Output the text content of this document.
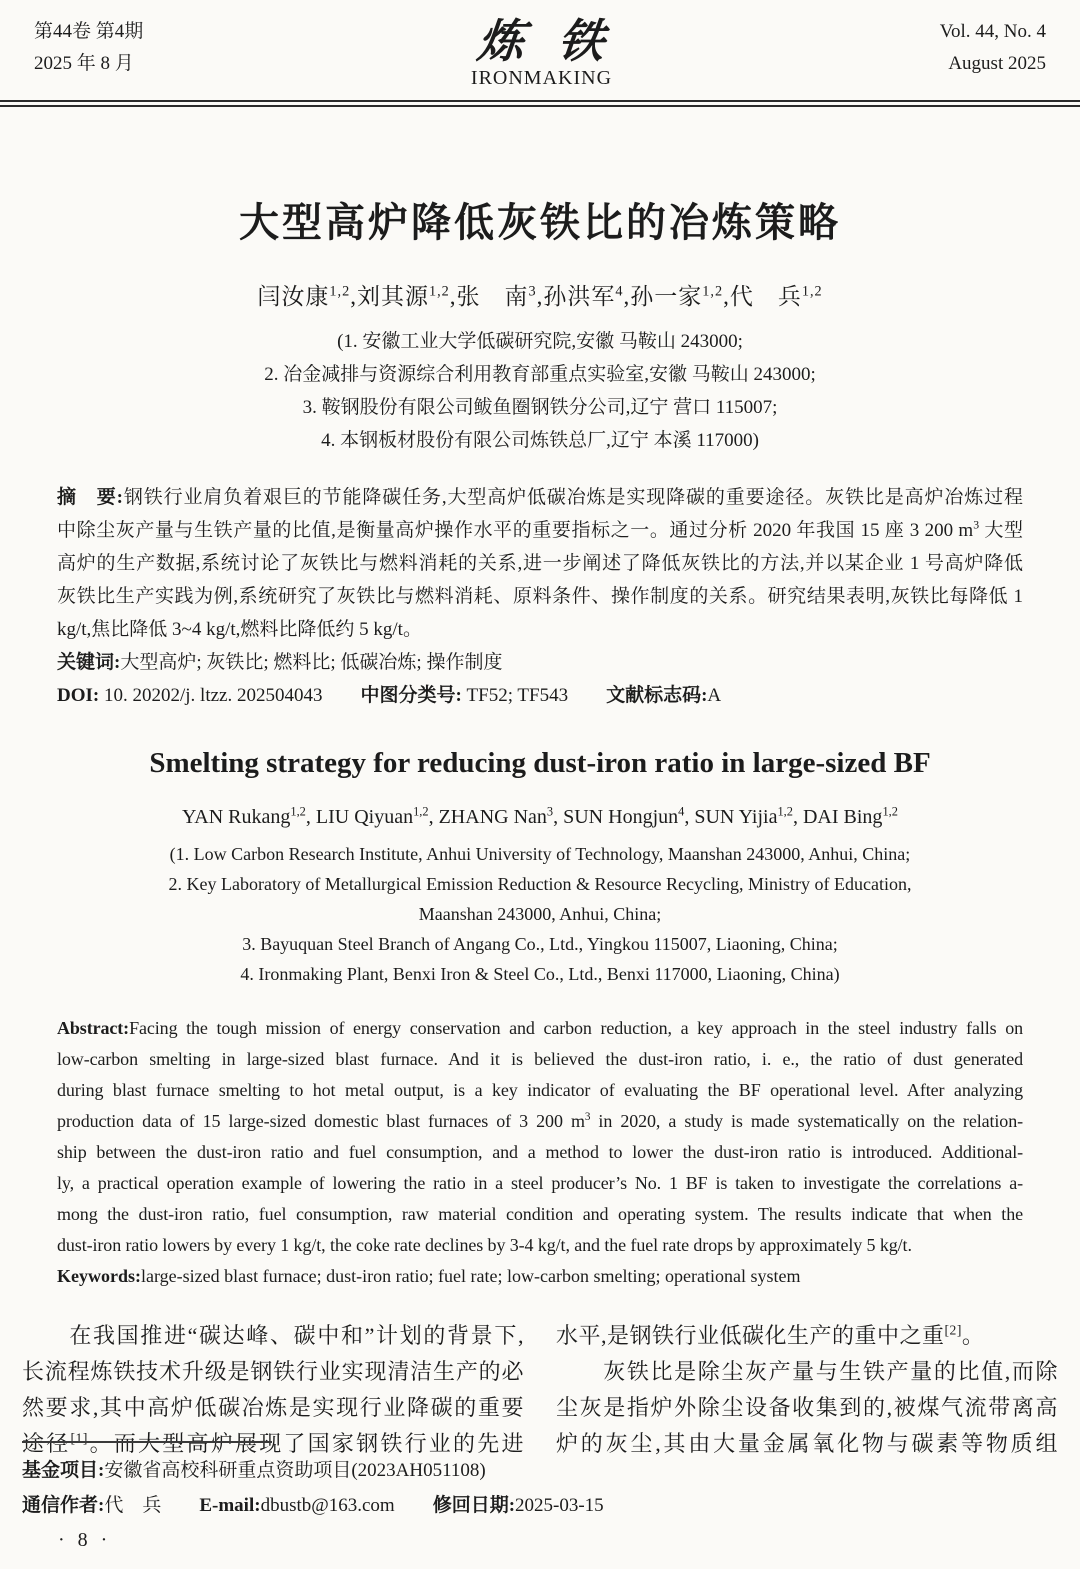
第44卷 第4期
2025 年 8 月	炼铁
IRONMAKING
Vol. 44, No. 4
August 2025
大型高炉降低灰铁比的冶炼策略
闫汝康$^{1,2}$,刘其源$^{1,2}$,张　南$^3$,孙洪军$^4$,孙一家$^{1,2}$,代　兵$^{1,2}$
(1. 安徽工业大学低碳研究院,安徽 马鞍山 243000;
2. 冶金减排与资源综合利用教育部重点实验室,安徽 马鞍山 243000;
3. 鞍钢股份有限公司鲅鱼圈钢铁分公司,辽宁 营口 115007;
4. 本钢板材股份有限公司炼铁总厂,辽宁 本溪 117000)
摘　要:钢铁行业肩负着艰巨的节能降碳任务,大型高炉低碳冶炼是实现降碳的重要途径。灰铁比是高炉冶炼过程
中除尘灰产量与生铁产量的比值,是衡量高炉操作水平的重要指标之一。通过分析 2020 年我国 15 座 3 200 $m^3$ 大型
高炉的生产数据,系统讨论了灰铁比与燃料消耗的关系,进一步阐述了降低灰铁比的方法,并以某企业 1 号高炉降低
灰铁比生产实践为例,系统研究了灰铁比与燃料消耗、原料条件、操作制度的关系。研究结果表明,灰铁比每降低 1
kg/t,焦比降低 3~4 kg/t,燃料比降低约 5 kg/t。
关键词:大型高炉; 灰铁比; 燃料比; 低碳冶炼; 操作制度
DOI: 10. 20202/j. ltzz. 202504043　　中图分类号: TF52; TF543　　文献标志码:A
Smelting strategy for reducing dust-iron ratio in large-sized BF
YAN Rukang$^{1,2}$, LIU Qiyuan$^{1,2}$, ZHANG Nan$^3$, SUN Hongjun$^4$, SUN Yijia$^{1,2}$, DAI Bing$^{1,2}$
(1. Low Carbon Research Institute, Anhui University of Technology, Maanshan 243000, Anhui, China;
2. Key Laboratory of Metallurgical Emission Reduction & Resource Recycling, Ministry of Education,
Maanshan 243000, Anhui, China;
3. Bayuquan Steel Branch of Angang Co., Ltd., Yingkou 115007, Liaoning, China;
4. Ironmaking Plant, Benxi Iron & Steel Co., Ltd., Benxi 117000, Liaoning, China)
Abstract:Facing the tough mission of energy conservation and carbon reduction, a key approach in the steel industry falls on
low-carbon smelting in large-sized blast furnace. And it is believed the dust-iron ratio, i. e., the ratio of dust generated
during blast furnace smelting to hot metal output, is a key indicator of evaluating the BF operational level. After analyzing
production data of 15 large-sized domestic blast furnaces of 3 200 $m^3$ in 2020, a study is made systematically on the relation-
ship between the dust-iron ratio and fuel consumption, and a method to lower the dust-iron ratio is introduced. Additional-
ly, a practical operation example of lowering the ratio in a steel producer’s No. 1 BF is taken to investigate the correlations a-
mong the dust-iron ratio, fuel consumption, raw material condition and operating system. The results indicate that when the
dust-iron ratio lowers by every 1 kg/t, the coke rate declines by 3-4 kg/t, and the fuel rate drops by approximately 5 kg/t.
Keywords:large-sized blast furnace; dust-iron ratio; fuel rate; low-carbon smelting; operational system
　　在我国推进“碳达峰、碳中和”计划的背景下,
长流程炼铁技术升级是钢铁行业实现清洁生产的必
然要求,其中高炉低碳冶炼是实现行业降碳的重要
途径[1]。而大型高炉展现了国家钢铁行业的先进
水平,是钢铁行业低碳化生产的重中之重[2]。
　　灰铁比是除尘灰产量与生铁产量的比值,而除
尘灰是指炉外除尘设备收集到的,被煤气流带离高
炉的灰尘,其由大量金属氧化物与碳素等物质组
基金项目:安徽省高校科研重点资助项目(2023AH051108)
通信作者:代　兵　　E-mail:dbustb@163.com　　修回日期:2025-03-15
· 8 ·
